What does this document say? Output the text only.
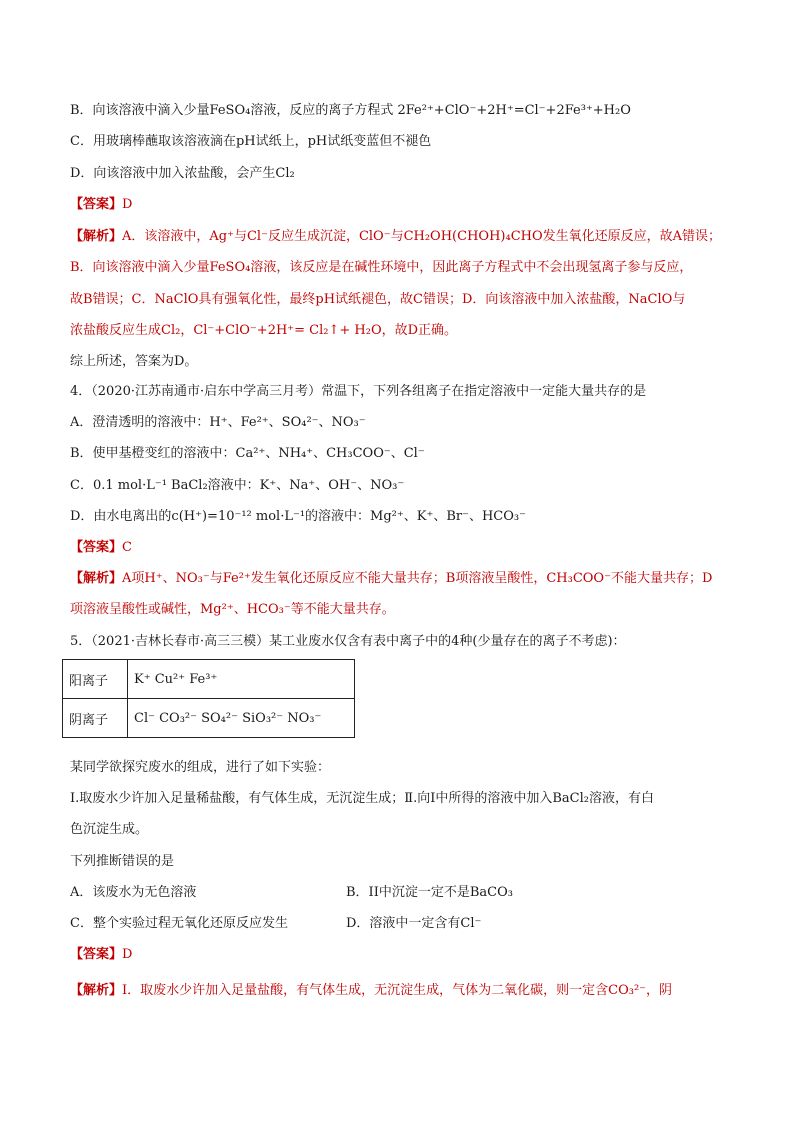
B．向该溶液中滴入少量FeSO₄溶液，反应的离子方程式 2Fe²⁺+ClO⁻+2H⁺=Cl⁻+2Fe³⁺+H₂O
C．用玻璃棒蘸取该溶液滴在pH试纸上，pH试纸变蓝但不褪色
D．向该溶液中加入浓盐酸，会产生Cl₂
【答案】D
【解析】A．该溶液中，Ag⁺与Cl⁻反应生成沉淀，ClO⁻与CH₂OH(CHOH)₄CHO发生氧化还原反应，故A错误；
B．向该溶液中滴入少量FeSO₄溶液，该反应是在碱性环境中，因此离子方程式中不会出现氢离子参与反应，
故B错误；C．NaClO具有强氧化性，最终pH试纸褪色，故C错误；D．向该溶液中加入浓盐酸，NaClO与
浓盐酸反应生成Cl₂，Cl⁻+ClO⁻+2H⁺= Cl₂↑+ H₂O，故D正确。
综上所述，答案为D。
4．（2020·江苏南通市·启东中学高三月考）常温下，下列各组离子在指定溶液中一定能大量共存的是
A．澄清透明的溶液中：H⁺、Fe²⁺、SO₄²⁻、NO₃⁻
B．使甲基橙变红的溶液中：Ca²⁺、NH₄⁺、CH₃COO⁻、Cl⁻
C．0.1 mol·L⁻¹ BaCl₂溶液中：K⁺、Na⁺、OH⁻、NO₃⁻
D．由水电离出的c(H⁺)=10⁻¹² mol·L⁻¹的溶液中：Mg²⁺、K⁺、Br⁻、HCO₃⁻
【答案】C
【解析】A项H⁺、NO₃⁻与Fe²⁺发生氧化还原反应不能大量共存；B项溶液呈酸性，CH₃COO⁻不能大量共存；D
项溶液呈酸性或碱性，Mg²⁺、HCO₃⁻等不能大量共存。
5．（2021·吉林长春市·高三三模）某工业废水仅含有表中离子中的4种(少量存在的离子不考虑)：
阳离子	K⁺ Cu²⁺ Fe³⁺
阴离子	Cl⁻ CO₃²⁻ SO₄²⁻ SiO₃²⁻ NO₃⁻
某同学欲探究废水的组成，进行了如下实验：
Ⅰ.取废水少许加入足量稀盐酸，有气体生成，无沉淀生成；Ⅱ.向Ⅰ中所得的溶液中加入BaCl₂溶液，有白
色沉淀生成。
下列推断错误的是
A．该废水为无色溶液	B．II中沉淀一定不是BaCO₃
C．整个实验过程无氧化还原反应发生	D．溶液中一定含有Cl⁻
【答案】D
【解析】Ⅰ．取废水少许加入足量盐酸，有气体生成，无沉淀生成，气体为二氧化碳，则一定含CO₃²⁻，阴
